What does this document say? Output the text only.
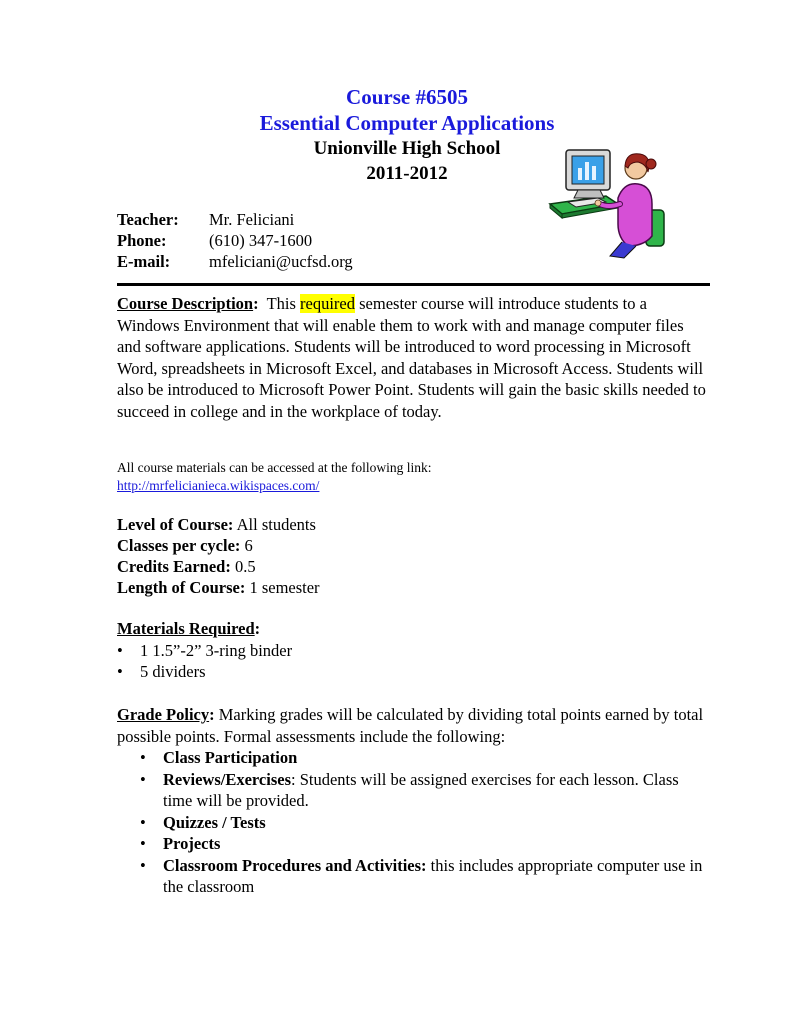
Course #6505
Essential Computer Applications
Unionville High School
2011-2012
Teacher:	Mr. Feliciani
Phone:	(610) 347-1600
E-mail:	mfeliciani@ucfsd.org
Course Description: This required semester course will introduce students to a Windows Environment that will enable them to work with and manage computer files and software applications. Students will be introduced to word processing in Microsoft Word, spreadsheets in Microsoft Excel, and databases in Microsoft Access. Students will also be introduced to Microsoft Power Point. Students will gain the basic skills needed to succeed in college and in the workplace of today.
All course materials can be accessed at the following link:
http://mrfelicianieca.wikispaces.com/
Level of Course: All students
Classes per cycle: 6
Credits Earned: 0.5
Length of Course: 1 semester
Materials Required:
•	1 1.5”-2” 3-ring binder
•	5 dividers
Grade Policy: Marking grades will be calculated by dividing total points earned by total possible points. Formal assessments include the following:
•	Class Participation
•	Reviews/Exercises: Students will be assigned exercises for each lesson. Class time will be provided.
•	Quizzes / Tests
•	Projects
•	Classroom Procedures and Activities: this includes appropriate computer use in the classroom
